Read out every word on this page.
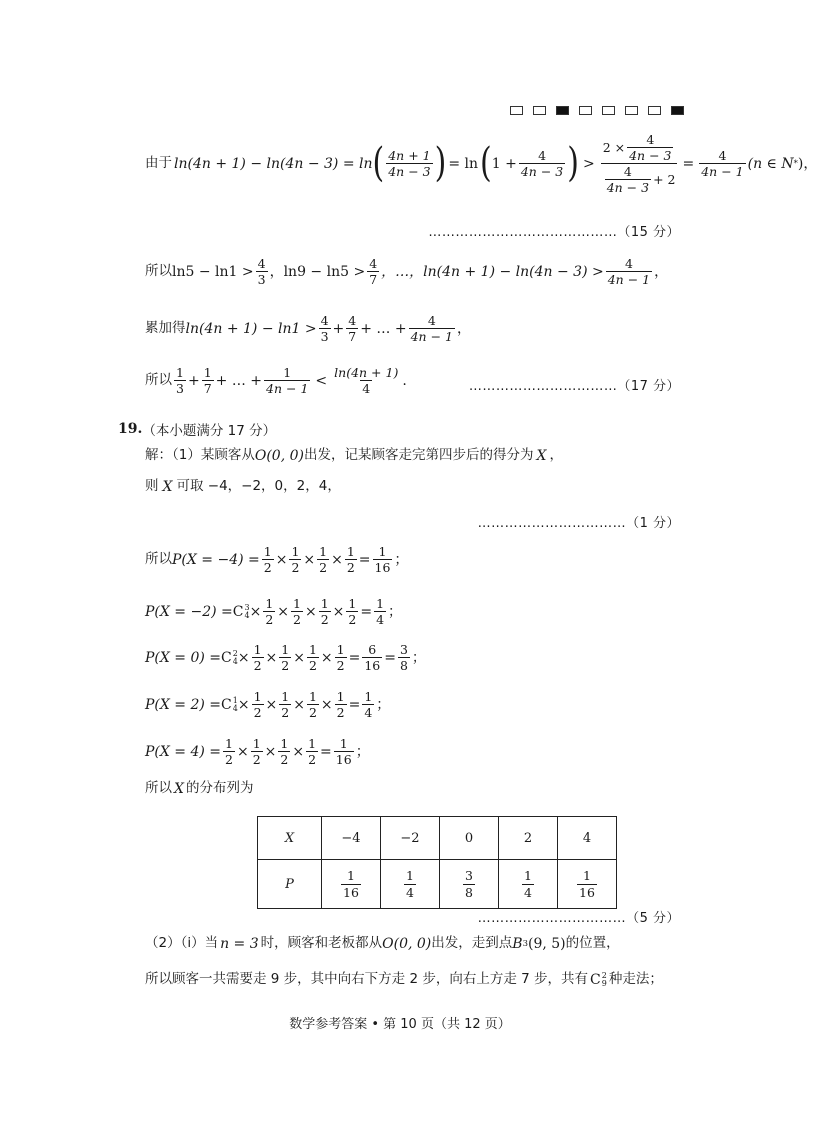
由于 ln(4n + 1) − ln(4n − 3) = ln ( $\frac{4n + 1}{4n - 3}$ ) = ln ( $1 + \frac{4}{4n - 3}$ ) > $\frac{2 \times \frac{4}{4n - 3}}{\frac{4}{4n - 3} + 2} = \frac{4}{4n - 1} (n$ ∈ N * )，
……………………………………（15 分）
所以 $\ln 5 - \ln 1 > \frac{4}{3}$ ，$\ln 9 - \ln 5 > \frac{4}{7}$ ，…，$\ln(4n + 1) - \ln(4n - 3) > \frac{4}{4n - 1}$ ，
累加得 $\ln(4n + 1) - \ln 1 > \frac{4}{3} + \frac{4}{7}$ + … + $\frac{4}{4n - 1}$ ，
所以 $\frac{1}{3} + \frac{1}{7}$ + … + $\frac{1}{4n - 1} < \frac{\ln(4n + 1)}{4}$ .	……………………………（17 分）
19. （本小题满分 17 分）
解：（1）某顾客从 O(0, 0) 出发，记某顾客走完第四步后的得分为 X ，
则 X 可取 −4，−2，0，2，4，
……………………………（1 分）
所以 $P(X = -4) = \frac{1}{2} \times \frac{1}{2} \times \frac{1}{2} \times \frac{1}{2} = \frac{1}{16}$ ；
P(X = −2) = C 3
$4 \times \frac{1}{2} \times \frac{1}{2} \times \frac{1}{2} \times \frac{1}{2} = \frac{1}{4}$ ；
P(X = 0) = C 2
$4 \times \frac{1}{2} \times \frac{1}{2} \times \frac{1}{2} \times \frac{1}{2} = \frac{6}{16} = \frac{3}{8}$ ；
P(X = 2) = C 1
$4 \times \frac{1}{2} \times \frac{1}{2} \times \frac{1}{2} \times \frac{1}{2} = \frac{1}{4}$ ；
$P(X = 4) = \frac{1}{2} \times \frac{1}{2} \times \frac{1}{2} \times \frac{1}{2} = \frac{1}{16}$ ；
所以 X 的分布列为
X	−4	−2	0	2	4
P	$\frac{1}{16}$	$\frac{1}{4}$	$\frac{3}{8}$	$\frac{1}{4}$	$\frac{1}{16}$
……………………………（5 分）
（2）（ⅰ）当 n = 3 时，顾客和老板都从 O(0, 0) 出发，走到点 B 3 (9, 5) 的位置，
所以顾客一共需要走 9 步，其中向右下方走 2 步，向右上方走 7 步，共有 C 2
9 种走法；
数学参考答案 • 第 10 页（共 12 页）
